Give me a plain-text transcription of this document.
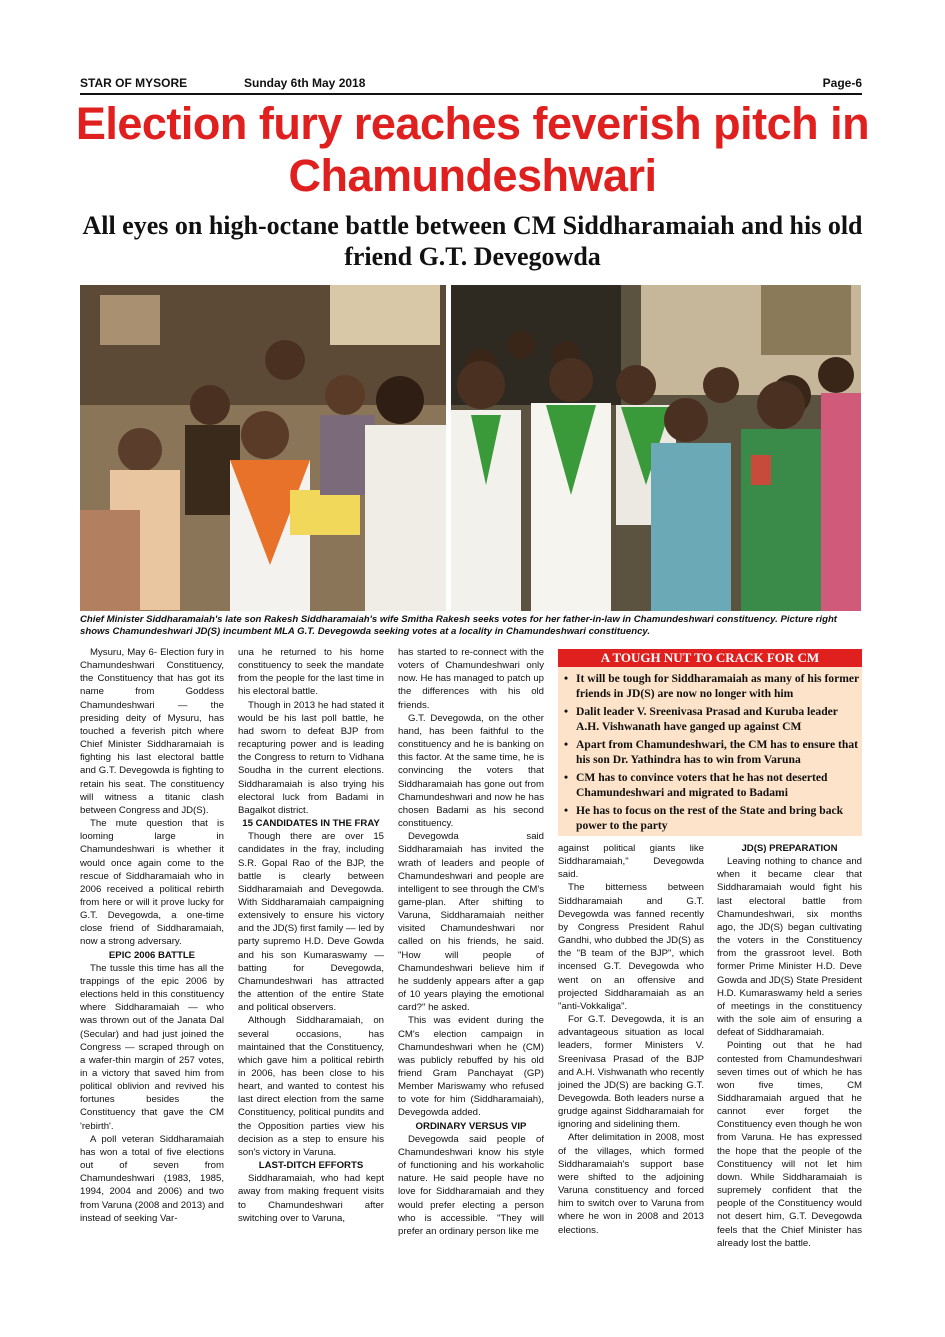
STAR OF MYSORE	Sunday 6th May 2018	Page-6
Election fury reaches feverish pitch in Chamundeshwari
All eyes on high-octane battle between CM Siddharamaiah and his old friend G.T. Devegowda
Chief Minister Siddharamaiah's late son Rakesh Siddharamaiah's wife Smitha Rakesh seeks votes for her father-in-law in Chamundeshwari constituency. Picture right shows Chamundeshwari JD(S) incumbent MLA G.T. Devegowda seeking votes at a locality in Chamundeshwari constituency.

Mysuru, May 6- Election fury in Chamundeshwari Constituency, the Constituency that has got its name from Goddess Chamundeshwari — the presiding deity of Mysuru, has touched a feverish pitch where Chief Minister Siddharamaiah is fighting his last electoral battle and G.T. Devegowda is fighting to retain his seat. The constituency will witness a titanic clash between Congress and JD(S).

The mute question that is looming large in Chamundeshwari is whether it would once again come to the rescue of Siddharamaiah who in 2006 received a political rebirth from here or will it prove lucky for G.T. Devegowda, a one-time close friend of Siddharamaiah, now a strong adversary.

EPIC 2006 BATTLE

The tussle this time has all the trappings of the epic 2006 by elections held in this constituency where Siddharamaiah — who was thrown out of the Janata Dal (Secular) and had just joined the Congress — scraped through on a wafer-thin margin of 257 votes, in a victory that saved him from political oblivion and revived his fortunes besides the Constituency that gave the CM 'rebirth'.

A poll veteran Siddharamaiah has won a total of five elections out of seven from Chamundeshwari (1983, 1985, 1994, 2004 and 2006) and two from Varuna (2008 and 2013) and instead of seeking Var-

una he returned to his home constituency to seek the mandate from the people for the last time in his electoral battle.

Though in 2013 he had stated it would be his last poll battle, he had sworn to defeat BJP from recapturing power and is leading the Congress to return to Vidhana Soudha in the current elections. Siddharamaiah is also trying his electoral luck from Badami in Bagalkot district.

15 CANDIDATES IN THE FRAY

Though there are over 15 candidates in the fray, including S.R. Gopal Rao of the BJP, the battle is clearly between Siddharamaiah and Devegowda. With Siddharamaiah campaigning extensively to ensure his victory and the JD(S) first family — led by party supremo H.D. Deve Gowda and his son Kumaraswamy — batting for Devegowda, Chamundeshwari has attracted the attention of the entire State and political observers.

Although Siddharamaiah, on several occasions, has maintained that the Constituency, which gave him a political rebirth in 2006, has been close to his heart, and wanted to contest his last direct election from the same Constituency, political pundits and the Opposition parties view his decision as a step to ensure his son's victory in Varuna.

LAST-DITCH EFFORTS

Siddharamaiah, who had kept away from making frequent visits to Chamundeshwari after switching over to Varuna,

has started to re-connect with the voters of Chamundeshwari only now. He has managed to patch up the differences with his old friends.

G.T. Devegowda, on the other hand, has been faithful to the constituency and he is banking on this factor. At the same time, he is convincing the voters that Siddharamaiah has gone out from Chamundeshwari and now he has chosen Badami as his second constituency.

Devegowda said Siddharamaiah has invited the wrath of leaders and people of Chamundeshwari and people are intelligent to see through the CM's game-plan. After shifting to Varuna, Siddharamaiah neither visited Chamundeshwari nor called on his friends, he said. "How will people of Chamundeshwari believe him if he suddenly appears after a gap of 10 years playing the emotional card?" he asked.

This was evident during the CM's election campaign in Chamundeshwari when he (CM) was publicly rebuffed by his old friend Gram Panchayat (GP) Member Mariswamy who refused to vote for him (Siddharamaiah), Devegowda added.

ORDINARY VERSUS VIP

Devegowda said people of Chamundeshwari know his style of functioning and his workaholic nature. He said people have no love for Siddharamaiah and they would prefer electing a person who is accessible. "They will prefer an ordinary person like me

A TOUGH NUT TO CRACK FOR CM
• It will be tough for Siddharamaiah as many of his former friends in JD(S) are now no longer with him
• Dalit leader V. Sreenivasa Prasad and Kuruba leader A.H. Vishwanath have ganged up against CM
• Apart from Chamundeshwari, the CM has to ensure that his son Dr. Yathindra has to win from Varuna
• CM has to convince voters that he has not deserted Chamundeshwari and migrated to Badami
• He has to focus on the rest of the State and bring back power to the party

against political giants like Siddharamaiah," Devegowda said.

The bitterness between Siddharamaiah and G.T. Devegowda was fanned recently by Congress President Rahul Gandhi, who dubbed the JD(S) as the "B team of the BJP", which incensed G.T. Devegowda who went on an offensive and projected Siddharamaiah as an "anti-Vokkaliga".

For G.T. Devegowda, it is an advantageous situation as local leaders, former Ministers V. Sreenivasa Prasad of the BJP and A.H. Vishwanath who recently joined the JD(S) are backing G.T. Devegowda. Both leaders nurse a grudge against Siddharamaiah for ignoring and sidelining them.

After delimitation in 2008, most of the villages, which formed Siddharamaiah's support base were shifted to the adjoining Varuna constituency and forced him to switch over to Varuna from where he won in 2008 and 2013 elections.

JD(S) PREPARATION

Leaving nothing to chance and when it became clear that Siddharamaiah would fight his last electoral battle from Chamundeshwari, six months ago, the JD(S) began cultivating the voters in the Constituency from the grassroot level. Both former Prime Minister H.D. Deve Gowda and JD(S) State President H.D. Kumaraswamy held a series of meetings in the constituency with the sole aim of ensuring a defeat of Siddharamaiah.

Pointing out that he had contested from Chamundeshwari seven times out of which he has won five times, CM Siddharamaiah argued that he cannot ever forget the Constituency even though he won from Varuna. He has expressed the hope that the people of the Constituency will not let him down. While Siddharamaiah is supremely confident that the people of the Constituency would not desert him, G.T. Devegowda feels that the Chief Minister has already lost the battle.
